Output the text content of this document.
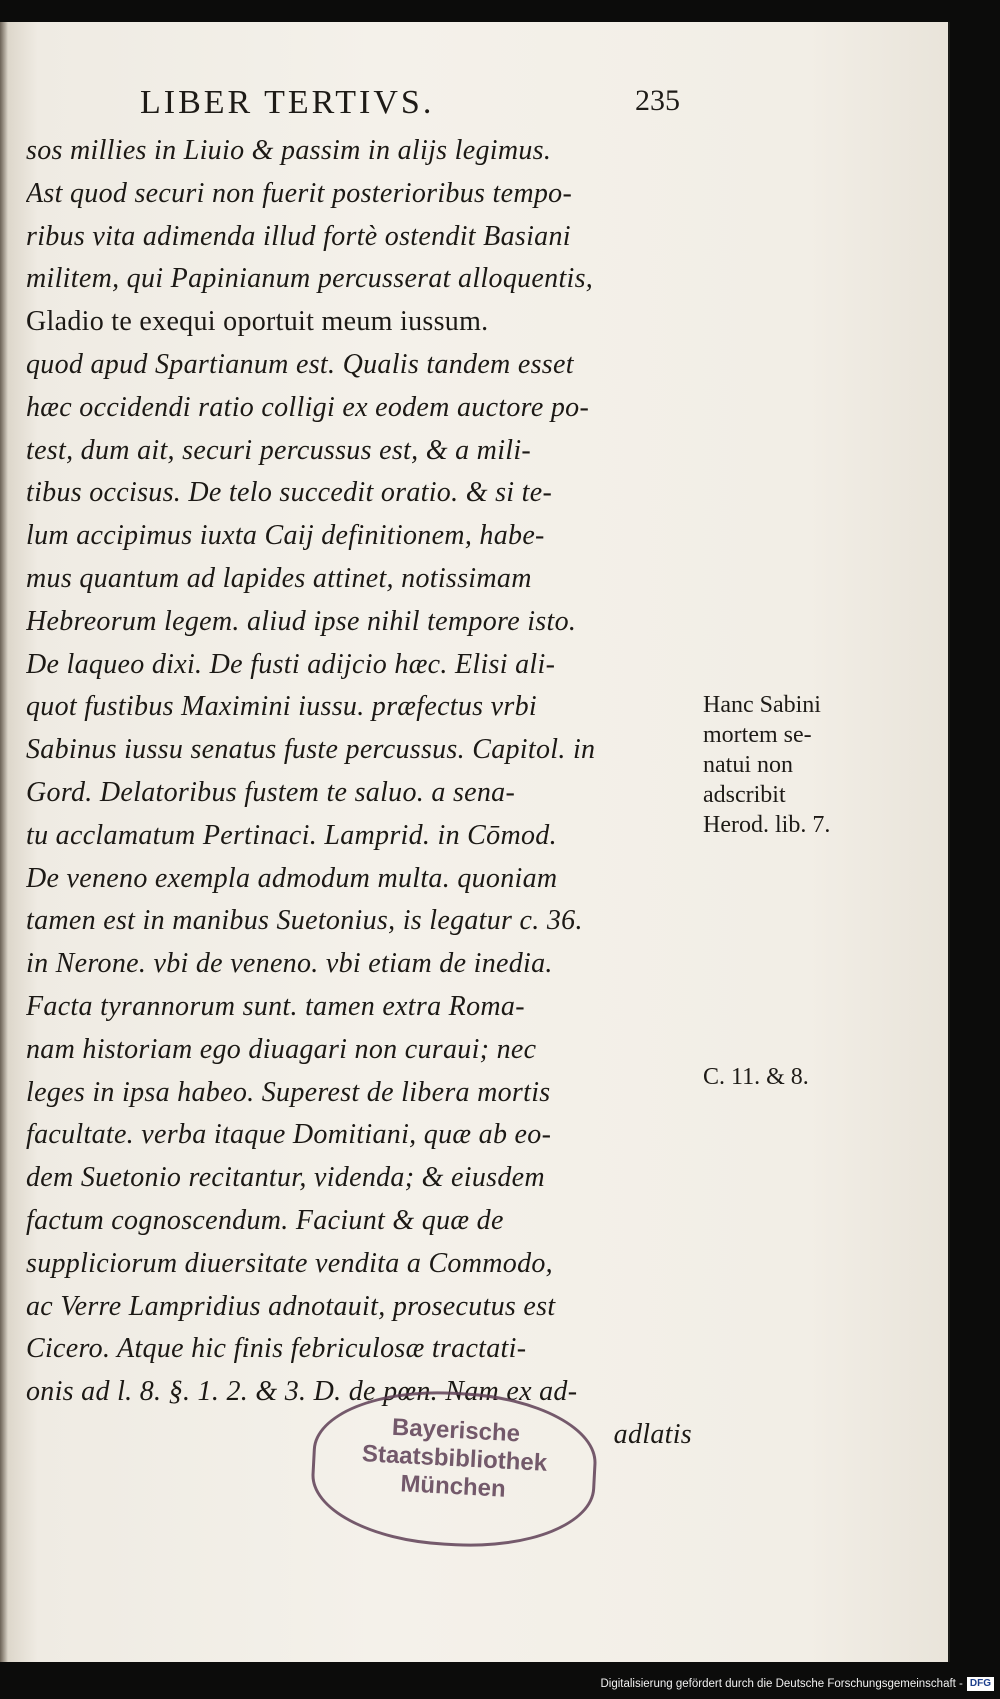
LIBER TERTIVS.	235
sos millies in Liuio & passim in alijs legimus.
Ast quod securi non fuerit posterioribus tempo-
ribus vita adimenda illud fortè ostendit Basiani
militem, qui Papinianum percusserat alloquentis,
Gladio te exequi oportuit meum iussum.
quod apud Spartianum est. Qualis tandem esset
hæc occidendi ratio colligi ex eodem auctore po-
test, dum ait, securi percussus est, & a mili-
tibus occisus. De telo succedit oratio. & si te-
lum accipimus iuxta Caij definitionem, habe-
mus quantum ad lapides attinet, notissimam
Hebreorum legem. aliud ipse nihil tempore isto.
De laqueo dixi. De fusti adijcio hæc. Elisi ali-
quot fustibus Maximini iussu. præfectus vrbi
Sabinus iussu senatus fuste percussus. Capitol. in
Gord. Delatoribus fustem te saluo. a sena-
tu acclamatum Pertinaci. Lamprid. in Cōmod.
De veneno exempla admodum multa. quoniam
tamen est in manibus Suetonius, is legatur c. 36.
in Nerone. vbi de veneno. vbi etiam de inedia.
Facta tyrannorum sunt. tamen extra Roma-
nam historiam ego diuagari non curaui; nec
leges in ipsa habeo. Superest de libera mortis
facultate. verba itaque Domitiani, quæ ab eo-
dem Suetonio recitantur, videnda; & eiusdem
factum cognoscendum. Faciunt & quæ de
suppliciorum diuersitate vendita a Commodo,
ac Verre Lampridius adnotauit, prosecutus est
Cicero. Atque hic finis febriculosæ tractati-
onis ad l. 8. §. 1. 2. & 3. D. de pœn. Nam ex ad-
adlatis
Hanc Sabini
mortem se-
natui non
adscribit
Herod. lib. 7.
C. 11. & 8.
Bayerische
Staatsbibliothek
München
Digitalisierung gefördert durch die Deutsche Forschungsgemeinschaft - DFG
